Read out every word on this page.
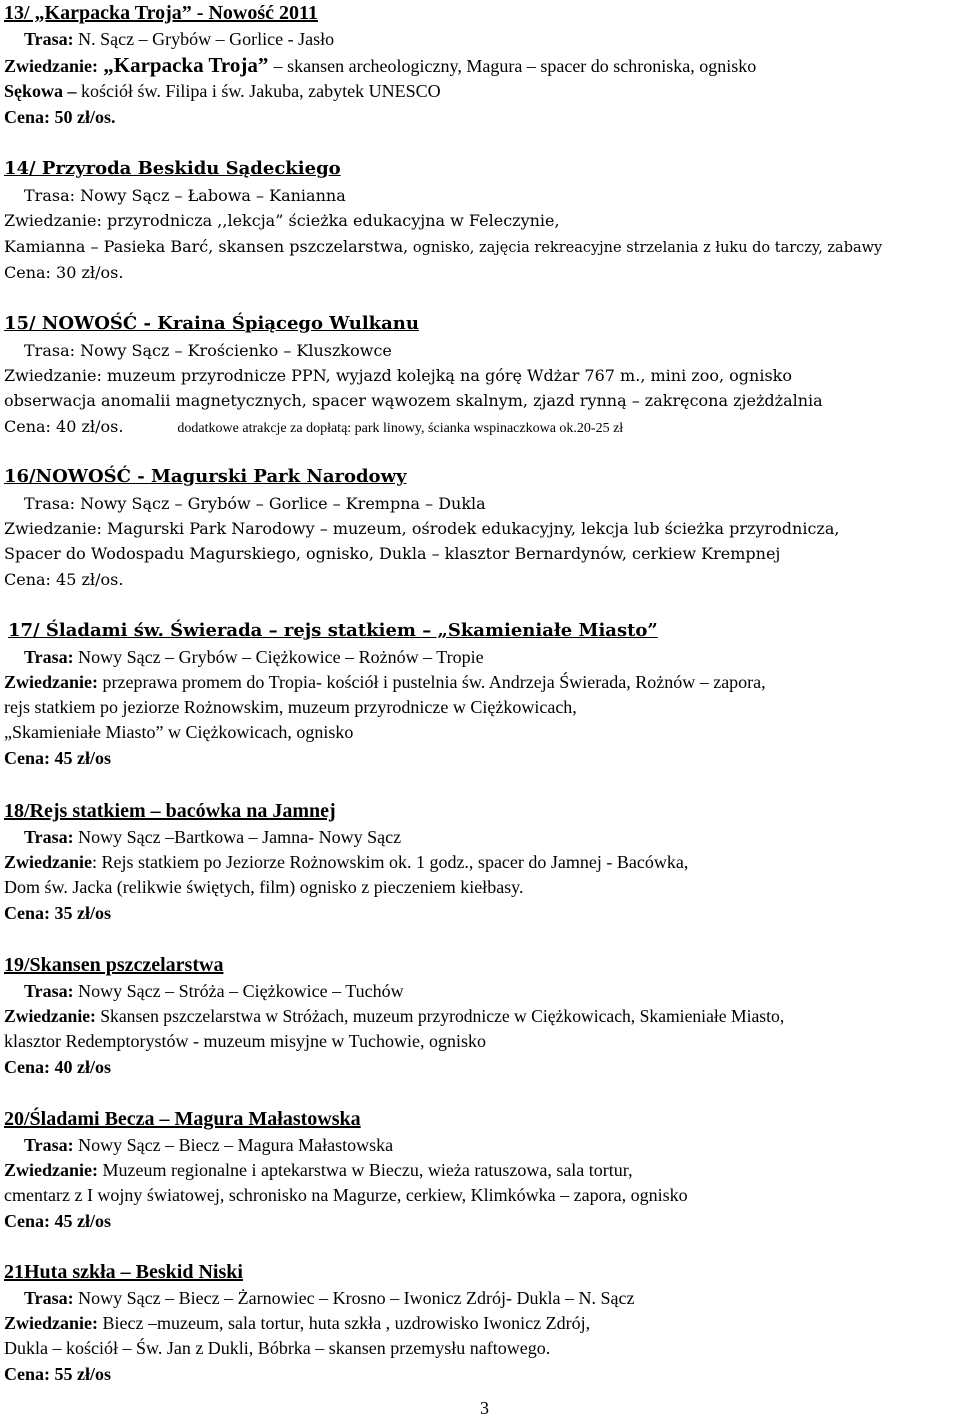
13/ „Karpacka Troja” - Nowość 2011
Trasa: N. Sącz – Grybów – Gorlice - Jasło
Zwiedzanie: „Karpacka Troja” – skansen archeologiczny, Magura – spacer do schroniska, ognisko
Sękowa – kościół św. Filipa i św. Jakuba, zabytek UNESCO
Cena: 50 zł/os.
14/ Przyroda Beskidu Sądeckiego
Trasa: Nowy Sącz – Łabowa – Kanianna
Zwiedzanie: przyrodnicza ,,lekcja” ścieżka edukacyjna w Feleczynie,
Kamianna – Pasieka Barć, skansen pszczelarstwa, ognisko, zajęcia rekreacyjne strzelania z łuku do tarczy, zabawy
Cena: 30 zł/os.
15/ NOWOŚĆ - Kraina Śpiącego Wulkanu
Trasa: Nowy Sącz – Krościenko – Kluszkowce
Zwiedzanie: muzeum przyrodnicze PPN, wyjazd kolejką na górę Wdżar 767 m., mini zoo, ognisko
obserwacja anomalii magnetycznych, spacer wąwozem skalnym, zjazd rynną – zakręcona zjeżdżalnia
Cena: 40 zł/os.	dodatkowe atrakcje za dopłatą: park linowy, ścianka wspinaczkowa ok.20-25 zł
16/NOWOŚĆ - Magurski Park Narodowy
Trasa: Nowy Sącz – Grybów – Gorlice – Krempna – Dukla
Zwiedzanie: Magurski Park Narodowy – muzeum, ośrodek edukacyjny, lekcja lub ścieżka przyrodnicza,
Spacer do Wodospadu Magurskiego, ognisko, Dukla – klasztor Bernardynów, cerkiew Krempnej
Cena: 45 zł/os.
17/ Śladami św. Świerada – rejs statkiem – „Skamieniałe Miasto”
Trasa: Nowy Sącz – Grybów – Ciężkowice – Rożnów – Tropie
Zwiedzanie: przeprawa promem do Tropia- kościół i pustelnia św. Andrzeja Świerada, Rożnów – zapora,
rejs statkiem po jeziorze Rożnowskim, muzeum przyrodnicze w Ciężkowicach,
„Skamieniałe Miasto” w Ciężkowicach, ognisko
Cena: 45 zł/os
18/Rejs statkiem – bacówka na Jamnej
Trasa: Nowy Sącz –Bartkowa – Jamna- Nowy Sącz
Zwiedzanie: Rejs statkiem po Jeziorze Rożnowskim ok. 1 godz., spacer do Jamnej - Bacówka,
Dom św. Jacka (relikwie świętych, film) ognisko z pieczeniem kiełbasy.
Cena: 35 zł/os
19/Skansen pszczelarstwa
Trasa: Nowy Sącz – Stróża – Ciężkowice – Tuchów
Zwiedzanie: Skansen pszczelarstwa w Stróżach, muzeum przyrodnicze w Ciężkowicach, Skamieniałe Miasto,
klasztor Redemptorystów - muzeum misyjne w Tuchowie, ognisko
Cena: 40 zł/os
20/Śladami Becza – Magura Małastowska
Trasa: Nowy Sącz – Biecz – Magura Małastowska
Zwiedzanie: Muzeum regionalne i aptekarstwa w Bieczu, wieża ratuszowa, sala tortur,
cmentarz z I wojny światowej, schronisko na Magurze, cerkiew, Klimkówka – zapora, ognisko
Cena: 45 zł/os
21Huta szkła – Beskid Niski
Trasa: Nowy Sącz – Biecz – Żarnowiec – Krosno – Iwonicz Zdrój- Dukla – N. Sącz
Zwiedzanie: Biecz –muzeum, sala tortur, huta szkła , uzdrowisko Iwonicz Zdrój,
Dukla – kościół – Św. Jan z Dukli, Bóbrka – skansen przemysłu naftowego.
Cena: 55 zł/os
3
